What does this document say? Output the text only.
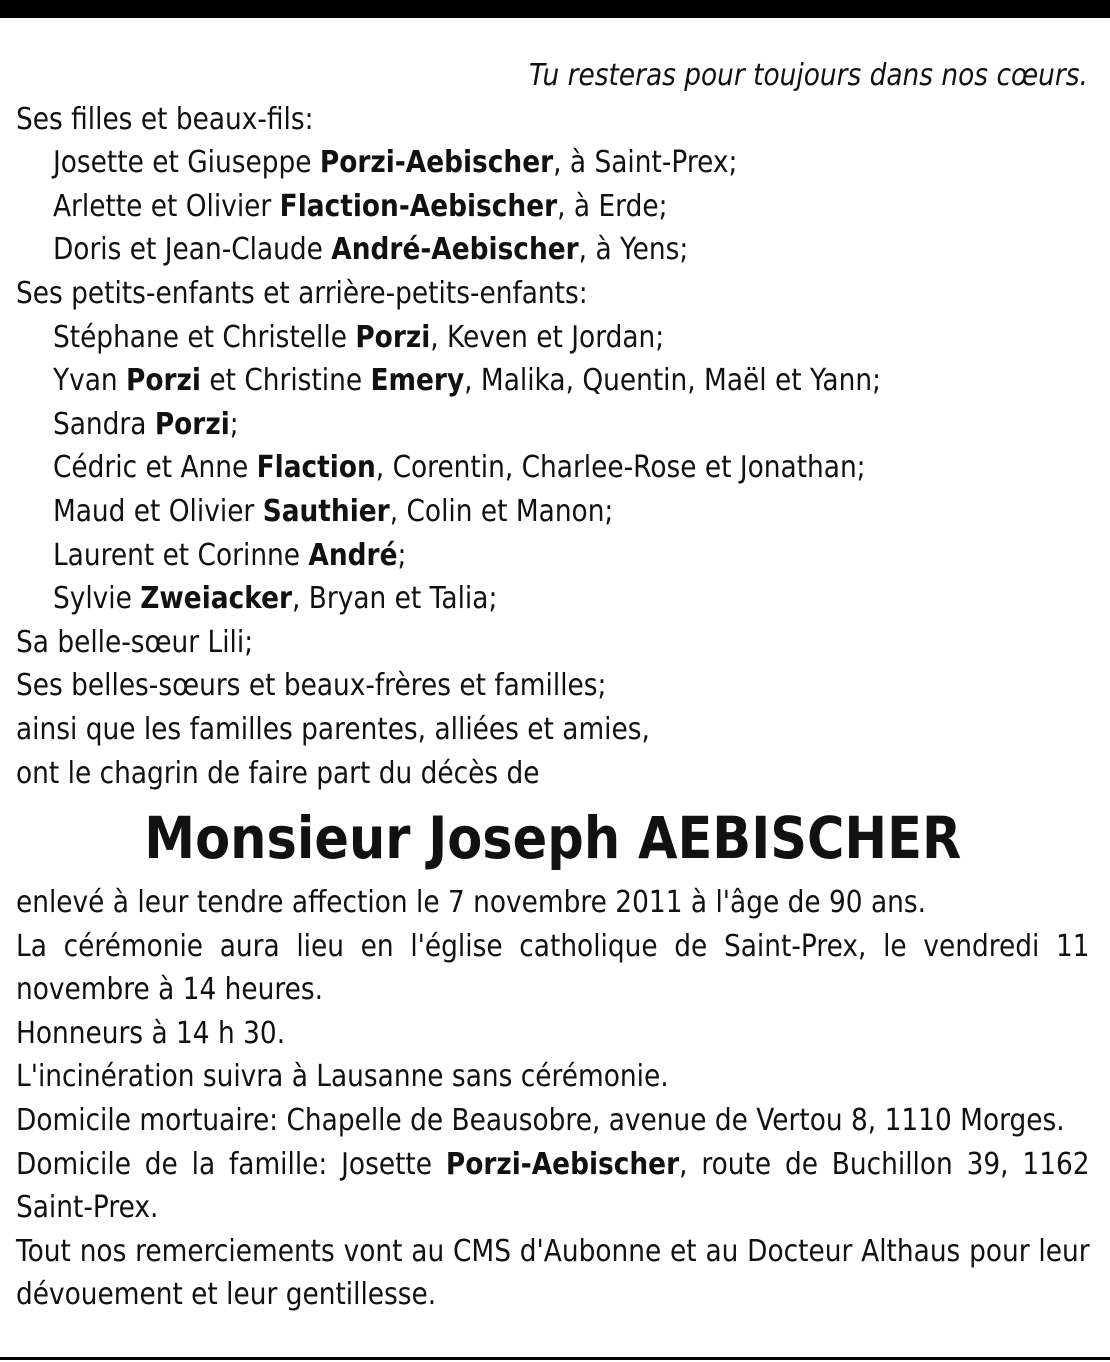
Tu resteras pour toujours dans nos cœurs.
Ses filles et beaux-fils:
Josette et Giuseppe Porzi-Aebischer, à Saint-Prex;
Arlette et Olivier Flaction-Aebischer, à Erde;
Doris et Jean-Claude André-Aebischer, à Yens;
Ses petits-enfants et arrière-petits-enfants:
Stéphane et Christelle Porzi, Keven et Jordan;
Yvan Porzi et Christine Emery, Malika, Quentin, Maël et Yann;
Sandra Porzi;
Cédric et Anne Flaction, Corentin, Charlee-Rose et Jonathan;
Maud et Olivier Sauthier, Colin et Manon;
Laurent et Corinne André;
Sylvie Zweiacker, Bryan et Talia;
Sa belle-sœur Lili;
Ses belles-sœurs et beaux-frères et familles;
ainsi que les familles parentes, alliées et amies,
ont le chagrin de faire part du décès de
Monsieur Joseph AEBISCHER
enlevé à leur tendre affection le 7 novembre 2011 à l'âge de 90 ans.
La cérémonie aura lieu en l'église catholique de Saint-Prex, le vendredi 11 novembre à 14 heures.
Honneurs à 14 h 30.
L'incinération suivra à Lausanne sans cérémonie.
Domicile mortuaire: Chapelle de Beausobre, avenue de Vertou 8, 1110 Morges.
Domicile de la famille: Josette Porzi-Aebischer, route de Buchillon 39, 1162 Saint-Prex.
Tout nos remerciements vont au CMS d'Aubonne et au Docteur Althaus pour leur dévouement et leur gentillesse.
